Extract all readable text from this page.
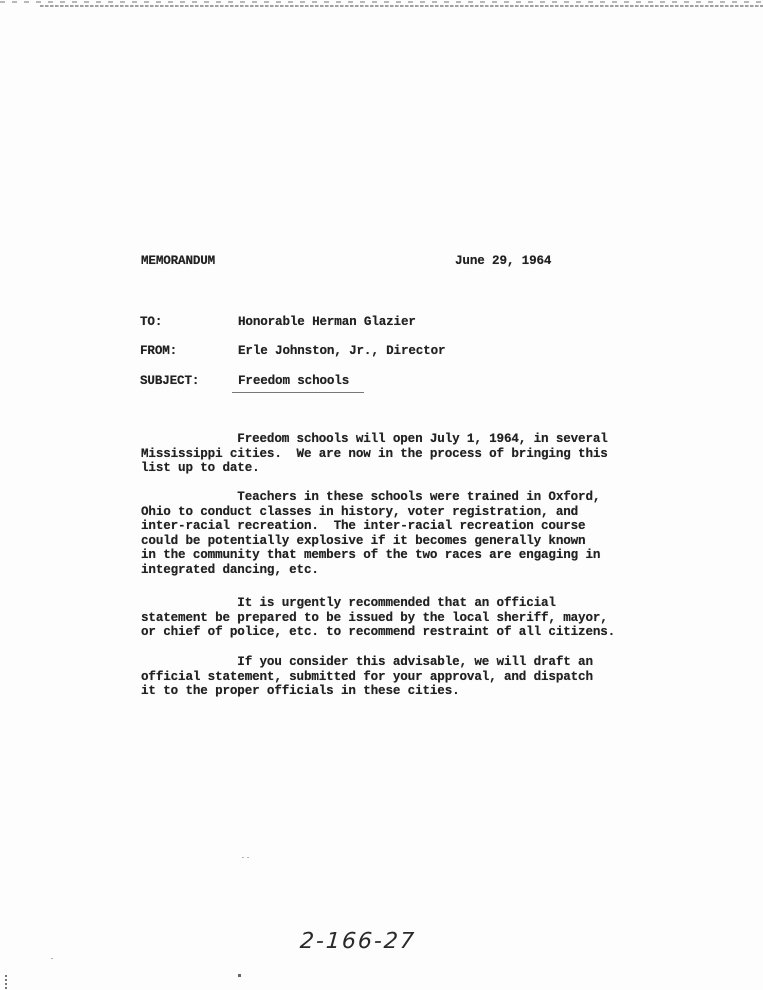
MEMORANDUM	June 29, 1964
TO:	Honorable Herman Glazier
FROM:	Erle Johnston, Jr., Director
SUBJECT:	Freedom schools
Freedom schools will open July 1, 1964, in several
Mississippi cities.  We are now in the process of bringing this
list up to date.
Teachers in these schools were trained in Oxford,
Ohio to conduct classes in history, voter registration, and
inter-racial recreation.  The inter-racial recreation course
could be potentially explosive if it becomes generally known
in the community that members of the two races are engaging in
integrated dancing, etc.
It is urgently recommended that an official
statement be prepared to be issued by the local sheriff, mayor,
or chief of police, etc. to recommend restraint of all citizens.
If you consider this advisable, we will draft an
official statement, submitted for your approval, and dispatch
it to the proper officials in these cities.
2-166-27
